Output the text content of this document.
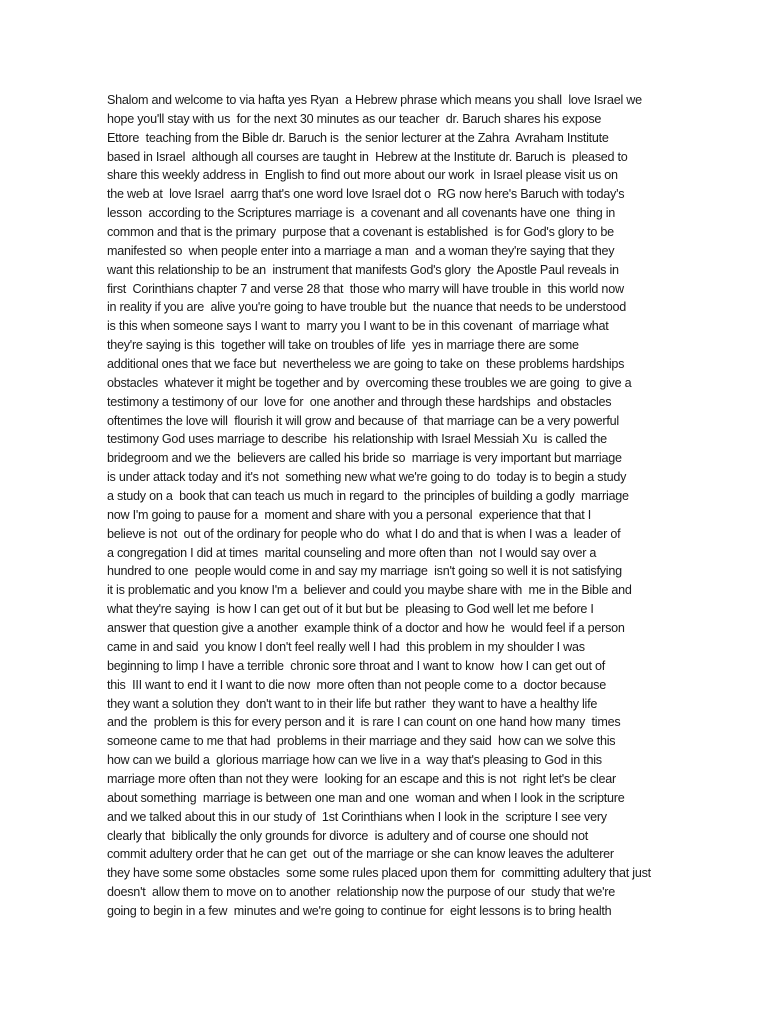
Shalom and welcome to via hafta yes Ryan  a Hebrew phrase which means you shall  love Israel we
hope you'll stay with us  for the next 30 minutes as our teacher  dr. Baruch shares his expose
Ettore  teaching from the Bible dr. Baruch is  the senior lecturer at the Zahra  Avraham Institute
based in Israel  although all courses are taught in  Hebrew at the Institute dr. Baruch is  pleased to
share this weekly address in  English to find out more about our work  in Israel please visit us on
the web at  love Israel  aarrg that's one word love Israel dot o  RG now here's Baruch with today's
lesson  according to the Scriptures marriage is  a covenant and all covenants have one  thing in
common and that is the primary  purpose that a covenant is established  is for God's glory to be
manifested so  when people enter into a marriage a man  and a woman they're saying that they
want this relationship to be an  instrument that manifests God's glory  the Apostle Paul reveals in
first  Corinthians chapter 7 and verse 28 that  those who marry will have trouble in  this world now
in reality if you are  alive you're going to have trouble but  the nuance that needs to be understood
is this when someone says I want to  marry you I want to be in this covenant  of marriage what
they're saying is this  together will take on troubles of life  yes in marriage there are some
additional ones that we face but  nevertheless we are going to take on  these problems hardships
obstacles  whatever it might be together and by  overcoming these troubles we are going  to give a
testimony a testimony of our  love for  one another and through these hardships  and obstacles
oftentimes the love will  flourish it will grow and because of  that marriage can be a very powerful
testimony God uses marriage to describe  his relationship with Israel Messiah Xu  is called the
bridegroom and we the  believers are called his bride so  marriage is very important but marriage
is under attack today and it's not  something new what we're going to do  today is to begin a study
a study on a  book that can teach us much in regard to  the principles of building a godly  marriage
now I'm going to pause for a  moment and share with you a personal  experience that that I
believe is not  out of the ordinary for people who do  what I do and that is when I was a  leader of
a congregation I did at times  marital counseling and more often than  not I would say over a
hundred to one  people would come in and say my marriage  isn't going so well it is not satisfying
it is problematic and you know I'm a  believer and could you maybe share with  me in the Bible and
what they're saying  is how I can get out of it but but be  pleasing to God well let me before I
answer that question give a another  example think of a doctor and how he  would feel if a person
came in and said  you know I don't feel really well I had  this problem in my shoulder I was
beginning to limp I have a terrible  chronic sore throat and I want to know  how I can get out of
this  III want to end it I want to die now  more often than not people come to a  doctor because
they want a solution they  don't want to in their life but rather  they want to have a healthy life
and the  problem is this for every person and it  is rare I can count on one hand how many  times
someone came to me that had  problems in their marriage and they said  how can we solve this
how can we build a  glorious marriage how can we live in a  way that's pleasing to God in this
marriage more often than not they were  looking for an escape and this is not  right let's be clear
about something  marriage is between one man and one  woman and when I look in the scripture
and we talked about this in our study of  1st Corinthians when I look in the  scripture I see very
clearly that  biblically the only grounds for divorce  is adultery and of course one should not
commit adultery order that he can get  out of the marriage or she can know leaves the adulterer
they have some some obstacles  some some rules placed upon them for  committing adultery that just
doesn't  allow them to move on to another  relationship now the purpose of our  study that we're
going to begin in a few  minutes and we're going to continue for  eight lessons is to bring health
